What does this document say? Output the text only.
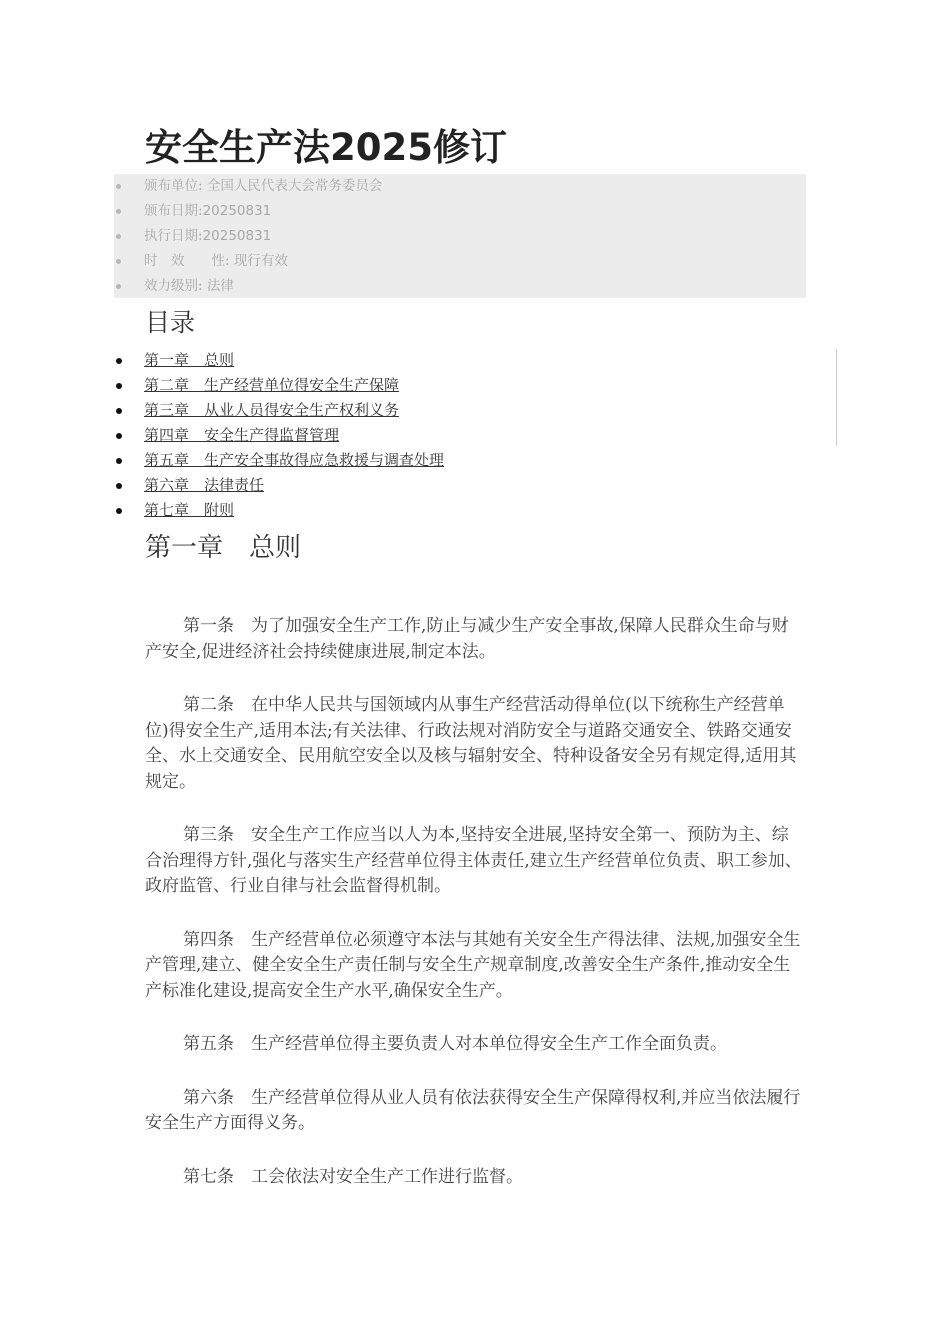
安全生产法2025修订
颁布单位: 全国人民代表大会常务委员会
颁布日期:20250831
执行日期:20250831
时 效  性: 现行有效
效力级别: 法律
目录
第一章　总则
第二章　生产经营单位得安全生产保障
第三章　从业人员得安全生产权利义务
第四章　安全生产得监督管理
第五章　生产安全事故得应急救援与调查处理
第六章　法律责任
第七章　附则
第一章　总则

第一条　为了加强安全生产工作,防止与减少生产安全事故,保障人民群众生命与财产安全,促进经济社会持续健康进展,制定本法。

第二条　在中华人民共与国领域内从事生产经营活动得单位(以下统称生产经营单位)得安全生产,适用本法;有关法律、行政法规对消防安全与道路交通安全、铁路交通安全、水上交通安全、民用航空安全以及核与辐射安全、特种设备安全另有规定得,适用其规定。

第三条　安全生产工作应当以人为本,坚持安全进展,坚持安全第一、预防为主、综合治理得方针,强化与落实生产经营单位得主体责任,建立生产经营单位负责、职工参加、政府监管、行业自律与社会监督得机制。

第四条　生产经营单位必须遵守本法与其她有关安全生产得法律、法规,加强安全生产管理,建立、健全安全生产责任制与安全生产规章制度,改善安全生产条件,推动安全生产标准化建设,提高安全生产水平,确保安全生产。

第五条　生产经营单位得主要负责人对本单位得安全生产工作全面负责。

第六条　生产经营单位得从业人员有依法获得安全生产保障得权利,并应当依法履行安全生产方面得义务。

第七条　工会依法对安全生产工作进行监督。
